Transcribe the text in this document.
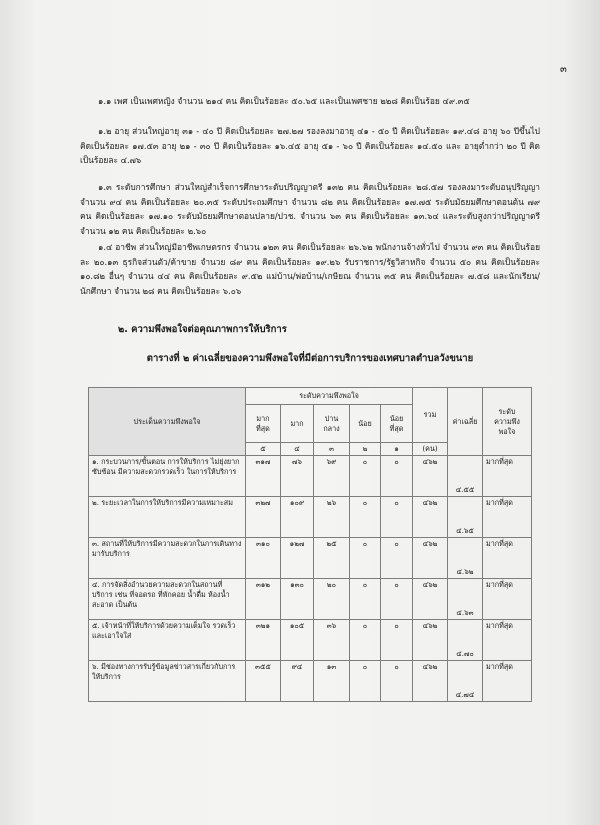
๓

๑.๑ เพศ เป็นเพศหญิง จำนวน ๒๑๔ คน คิดเป็นร้อยละ ๕๐.๖๕ และเป็นเพศชาย ๒๒๘ คิดเป็นร้อย ๔๙.๓๕

๑.๒ อายุ ส่วนใหญ่อายุ ๓๑ - ๔๐ ปี คิดเป็นร้อยละ ๒๗.๒๗ รองลงมาอายุ ๔๑ - ๕๐ ปี คิดเป็นร้อยละ ๑๙.๔๘ อายุ ๖๐ ปีขึ้นไป คิดเป็นร้อยละ ๑๗.๕๓ อายุ ๒๑ - ๓๐ ปี คิดเป็นร้อยละ ๑๖.๔๕ อายุ ๕๑ - ๖๐ ปี คิดเป็นร้อยละ ๑๔.๕๐ และ อายุต่ำกว่า ๒๐ ปี คิดเป็นร้อยละ ๔.๗๖

๑.๓ ระดับการศึกษา ส่วนใหญ่สำเร็จการศึกษาระดับปริญญาตรี ๑๓๒ คน คิดเป็นร้อยละ ๒๘.๕๗ รองลงมาระดับอนุปริญญา จำนวน ๙๔ คน คิดเป็นร้อยละ ๒๐.๓๕ ระดับประถมศึกษา จำนวน ๘๒ คน คิดเป็นร้อยละ ๑๗.๗๕ ระดับมัธยมศึกษาตอนต้น ๗๙ คน คิดเป็นร้อยละ ๑๗.๑๐ ระดับมัธยมศึกษาตอนปลาย/ปวช. จำนวน ๖๓ คน คิดเป็นร้อยละ ๑๓.๖๔ และระดับสูงกว่าปริญญาตรี จำนวน ๑๒ คน คิดเป็นร้อยละ ๒.๖๐

๑.๔ อาชีพ ส่วนใหญ่มีอาชีพเกษตรกร จำนวน ๑๒๓ คน คิดเป็นร้อยละ ๒๖.๖๒ พนักงานจ้างทั่วไป จำนวน ๙๓ คน คิดเป็นร้อยละ ๒๐.๑๓ ธุรกิจส่วนตัว/ค้าขาย จำนวย ๘๙ คน คิดเป็นร้อยละ ๑๙.๒๖ รับราชการ/รัฐวิสาหกิจ จำนวน ๕๐ คน คิดเป็นร้อยละ ๑๐.๘๒ อื่นๆ จำนวน ๔๔ คน คิดเป็นร้อยละ ๙.๕๒ แม่บ้าน/พ่อบ้าน/เกษียณ จำนวน ๓๕ คน คิดเป็นร้อยละ ๗.๕๘ และนักเรียน/นักศึกษา จำนวน ๒๘ คน คิดเป็นร้อยละ ๖.๐๖

๒. ความพึงพอใจต่อคุณภาพการให้บริการ
ตารางที่ ๒ ค่าเฉลี่ยของความพึงพอใจที่มีต่อการบริการของเทศบาลตำบลวังขนาย
ประเด็นความพึงพอใจ	ระดับความพึงพอใจ					รวม	ค่าเฉลี่ย	ระดับ
ความพึง
พอใจ
	มาก
ที่สุด	มาก	ปาน
กลาง	น้อย	น้อย
ที่สุด			
	๕	๔	๓	๒	๑	(คน)		
๑. กระบวนการ/ขั้นตอน การให้บริการ ไม่ยุ่งยาก ซับซ้อน มีความสะดวกรวดเร็ว ในการให้บริการ	๓๑๗	๗๖	๖๙	๐	๐	๔๖๒	๔.๕๕	มากที่สุด
๒. ระยะเวลาในการให้บริการมีความเหมาะสม	๓๒๗	๑๐๙	๒๖	๐	๐	๔๖๒	๔.๖๕	มากที่สุด
๓. สถานที่ให้บริการมีความสะดวกในการเดินทางมารับบริการ	๓๑๐	๑๒๗	๒๕	๐	๐	๔๖๒	๔.๖๒	มากที่สุด
๔. การจัดสิ่งอำนวยความสะดวกในสถานที่บริการ เช่น ที่จอดรถ ที่พักคอย น้ำดื่ม ห้องน้ำสะอาด เป็นต้น	๓๑๒	๑๓๐	๒๐	๐	๐	๔๖๒	๔.๖๓	มากที่สุด
๕. เจ้าหน้าที่ให้บริการด้วยความเต็มใจ รวดเร็ว และเอาใจใส่	๓๒๑	๑๐๕	๓๖	๐	๐	๔๖๒	๔.๗๐	มากที่สุด
๖. มีช่องทางการรับรู้ข้อมูลข่าวสารเกี่ยวกับการให้บริการ	๓๕๕	๙๔	๑๓	๐	๐	๔๖๒	๔.๗๔	มากที่สุด
